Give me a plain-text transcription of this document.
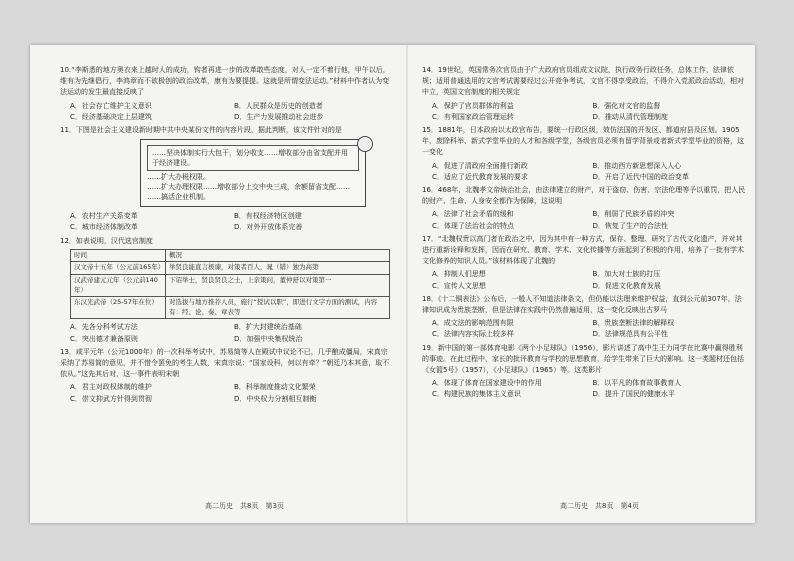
10.“李斯悉的地方奥衣来上越时人的成功，钩者再进一步的改革敢些态度，对人一定不着行他，甲午以后，维有为先继倡行，李鸿章而不欲极创的政治改革，康有为要提提。这就是所谓变法运动。”材料中作者认为变法运动的发生最直接反映了

A．社会存亡维护主义意识	B．人民群众是历史的创造者
C．经济基础决定上层建筑	D．生产力发展推动社会进步

11．下图是社会主义建设新时期中共中央某份文件的内容片段，据此判断，该文件针对的是

……坚决体制实行大包干，划分收支……增收部分由省支配并用于经济建设。
……扩大办税权限。
……扩大办理权限……增收部分上交中央三成，余额留省支配……
……搞活企业机制。
A．农村生产关系变革	B．有权经济特区创建
C．城市经济体制改革	D．对外开放体系完善

12．如表说明，汉代选官制度

时间	概况
汉文帝十五年（公元前165年）	举贤良能直言极谏，对策者百人，晁（错）独为高第
汉武帝建元元年（公元前140年）	下诏举士，贤良贤良之士，上亲策问，董仲舒以对策第一
东汉光武帝（25-57年在位）	对选拔与地方推荐人员，施行“授试以职”，即进行文字方面的测试，内容有：经、论、奏、章表等
A．先各分科考试方法	B．扩大封建统治基础
C．突出德才兼备原则	D．加强中央集权统治

13．咸平元年（公元1000年）的一次科举考试中，苏易简等人在殿试中议论不已，几乎酿成僵局，宋真宗采纳了苏易简的意见，并不惜令罢免的考生人数，宋真宗说：“国家设科，何以有牵？”朝廷乃本其意，取不依从。”这先其后对，这一事件表明宋朝

A．君主对政权体制的维护	B．科举制度推动文化繁荣
C．崇文抑武方针得到贯彻	D．中央权力分割相互制衡
高二历史　共8页　第3页

14．19世纪，英国常务次官员由于广大政府官员组成文议院，执行政务行政任务，总体工作，法律依规；适用普通选用的文官考试需要经过公开竞争考试，文官不得享受政治，不得介入党派政治活动，相对中立，英国文官制度的相关规定

A．保护了官员群体的利益	B．强化对文官的监督
C．有利国家政治管理运转	D．推动从清代管理制度

15．1881年，日本政府以太政官布告，要统一行政区级，效仿法国的开发区、都道府县及区划。1905年，废除科举、新式学堂毕业的人才和各级学堂，各级官员必须有留学背景或者新式学堂毕业的资格，这一变化

A．促进了清政府全面推行新政	B．推动西方新思想深入人心
C．适应了近代教育发展的要求	D．开启了近代中国的政治变革

16．468年，北魏孝文帝统治社会，由法律建立的财产，对于盗窃、伤害、宗法伦理等予以重罚，把人民的财产、生命、人身安全都作为保障，这说明

A．法律了社会矛盾的缓和	B．削弱了民族矛盾的冲突
C．体现了法治社会的特点	D．恢复了生产的合法性

17．“北魏权贵以高门者在政治之中，因为其中有一种方式，保存、整理、研究了古代文化遗产，并对其进行重新诠释和发挥，因而在研究、教育、学术、文化传播等方面起到了积极的作用，培养了一批有学术文化修养的知识人员。”该材料体现了北魏的

A．抑制人们思想	B．加大对士族的打压
C．宣传人文思想	D．促进文化教育发展

18．《十二铜表法》公布后，一般人不知道法律条文，但仍能以法理来维护权益，直到公元前307年，法律知识成为贵族垄断，但是法律在实践中仍然普遍适用，这一变化反映出古罗马

A．成文法的影响范围有限	B．贵族垄断法律的解释权
C．法律内容实际上较多样	D．法律规范具有公平性

19．新中国的第一部体育电影《两个小足球队》（1956），影片讲述了高中生王力同学在比赛中赢得胜利的事迹。在此过程中，家长的批评教育与学校的思想教育，给学生带来了巨大的影响。这一类题材还包括《女篮5号》（1957），《小足球队》（1965）等。这类影片

A．体现了体育在国家建设中的作用	B．以平凡的体育故事教育人
C．构建民族的集体主义意识	D．提升了国民的健康水平
高二历史　共8页　第4页
